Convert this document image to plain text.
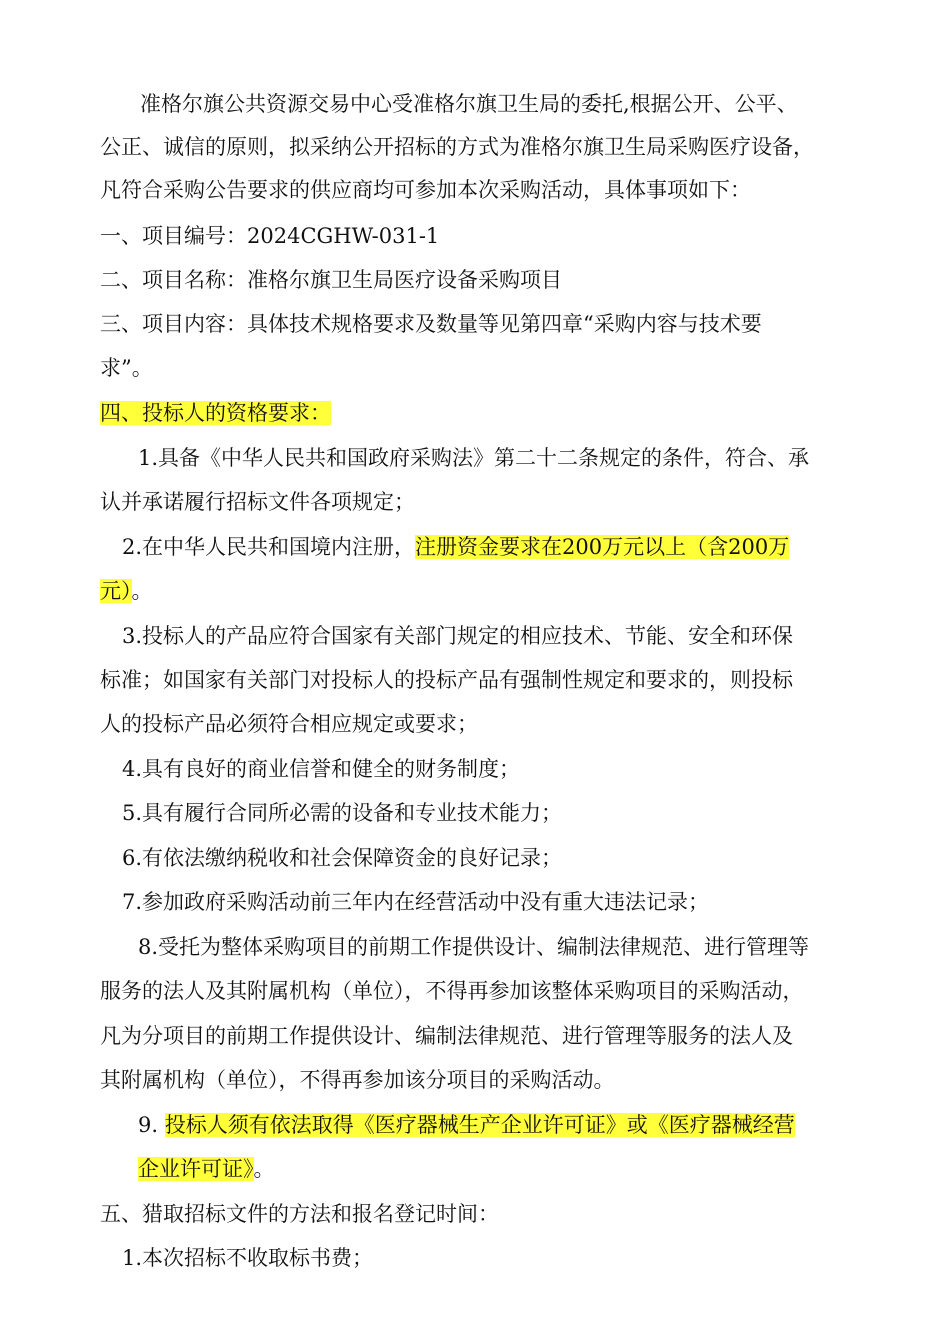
准格尔旗公共资源交易中心受准格尔旗卫生局的委托,根据公开、公平、
公正、诚信的原则，拟采纳公开招标的方式为准格尔旗卫生局采购医疗设备，
凡符合采购公告要求的供应商均可参加本次采购活动，具体事项如下：
一、项目编号：2024CGHW-031-1
二、项目名称：准格尔旗卫生局医疗设备采购项目
三、项目内容：具体技术规格要求及数量等见第四章“采购内容与技术要
求”。
四、投标人的资格要求：
1.具备《中华人民共和国政府采购法》第二十二条规定的条件，符合、承
认并承诺履行招标文件各项规定；
2.在中华人民共和国境内注册，注册资金要求在200万元以上（含200万
元）。
3.投标人的产品应符合国家有关部门规定的相应技术、节能、安全和环保
标准；如国家有关部门对投标人的投标产品有强制性规定和要求的，则投标
人的投标产品必须符合相应规定或要求；
4.具有良好的商业信誉和健全的财务制度；
5.具有履行合同所必需的设备和专业技术能力；
6.有依法缴纳税收和社会保障资金的良好记录；
7.参加政府采购活动前三年内在经营活动中没有重大违法记录；
8.受托为整体采购项目的前期工作提供设计、编制法律规范、进行管理等
服务的法人及其附属机构（单位），不得再参加该整体采购项目的采购活动，
凡为分项目的前期工作提供设计、编制法律规范、进行管理等服务的法人及
其附属机构（单位），不得再参加该分项目的采购活动。
9. 投标人须有依法取得《医疗器械生产企业许可证》或《医疗器械经营
企业许可证》。
五、猎取招标文件的方法和报名登记时间：
1.本次招标不收取标书费；
